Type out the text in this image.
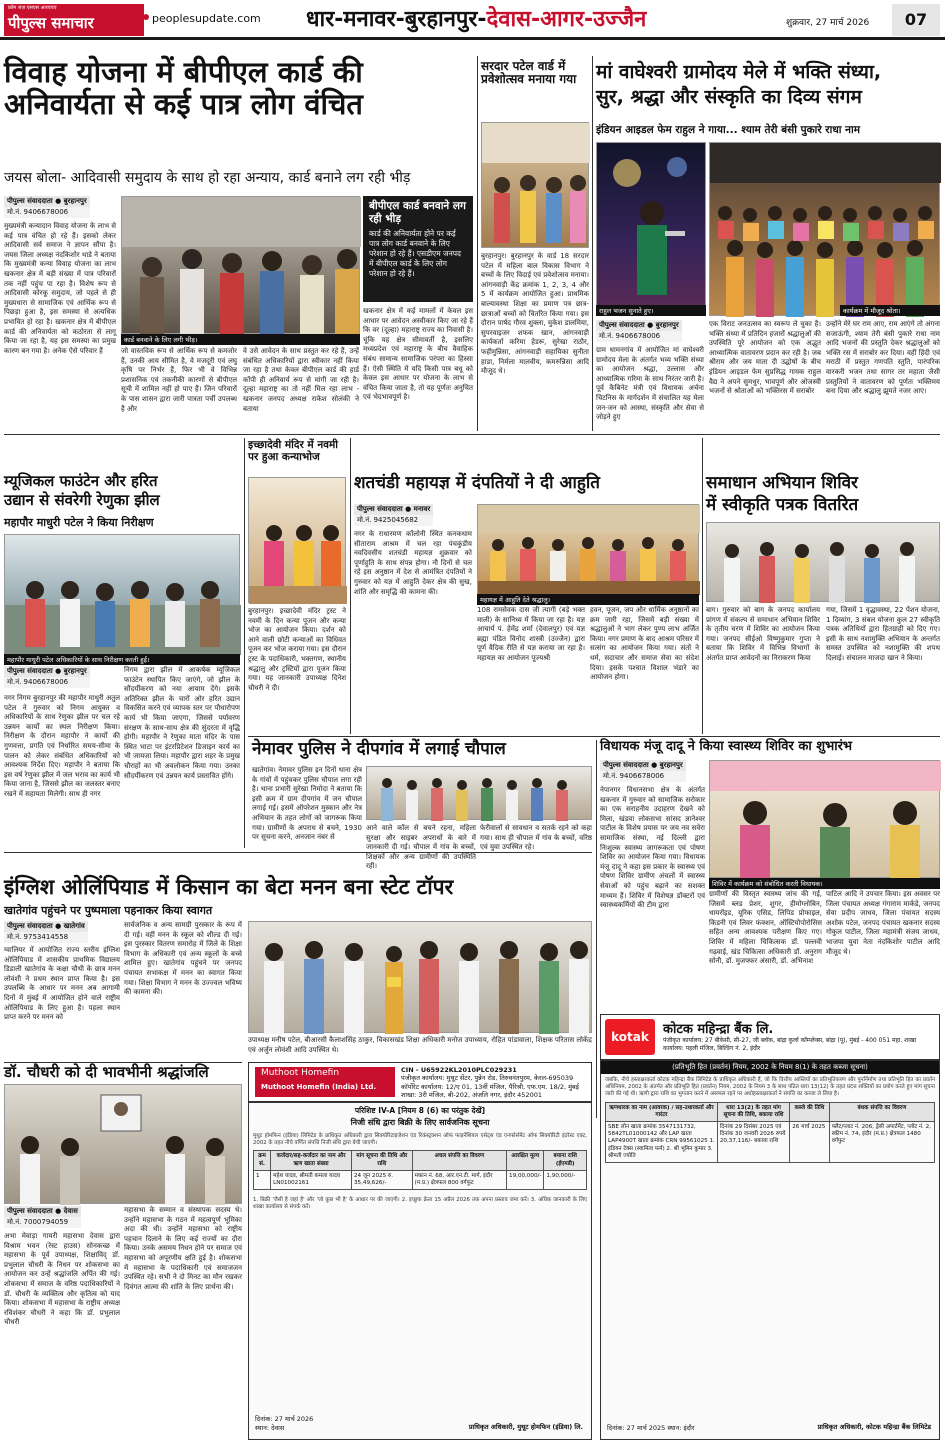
फ्रॉम जज़ एसएस आरएचए
पीपुल्स समाचार	peoplesupdate.com धार-मनावर-बुरहानपुर-देवास-आगर-उज्जैन	शुक्रवार, 27 मार्च 2026	07
विवाह योजना में बीपीएल कार्ड की
अनिवार्यता से कई पात्र लोग वंचित
जयस बोला- आदिवासी समुदाय के साथ हो रहा अन्याय, कार्ड बनाने लग रही भीड़
पीपुल्स संवाददाता ● बुरहानपुर
मो.नं. 9406678006
मुख्यमंत्री कन्यादान विवाह योजना के लाभ से कई पात्र वंचित हो रहे हैं। इसको लेकर आदिवासी सर्व समाज ने ज्ञापन सौंपा है। जयस जिला अध्यक्ष नंदकिशोर थाडे ने बताया कि मुख्यमंत्री कन्या विवाह योजना का लाभ खकनार क्षेत्र में बड़ी संख्या में पात्र परिवारों तक नहीं पहुंच पा रहा है। विशेष रूप से आदिवासी कोरकू समुदाय, जो पहले से ही मुख्यधारा से सामाजिक एवं आर्थिक रूप से पिछड़ा हुआ है, इस समस्या से अत्यधिक प्रभावित हो रहा है। खकनार क्षेत्र में बीपीएल कार्ड की अनिवार्यता को कठोरता से लागू किया जा रहा है, यह इस समस्या का प्रमुख कारण बन गया है। अनेक ऐसे परिवार हैं
कार्ड बनवाने के लिए लगी भीड़।
बीपीएल कार्ड बनवाने लग रही भीड़
कार्ड की अनिवार्यता होने पर कई पात्र लोग कार्ड बनवाने के लिए परेशान हो रहे हैं। एसडीएम जनपद में बीपीएल कार्ड के लिए लोग परेशान हो रहे हैं।
जो वास्तविक रूप से आर्थिक रूप से कमजोर हैं, उनकी आय सीमित है, वे मजदूरी एवं लघु कृषि पर निर्भर हैं, फिर भी वे विभिन्न प्रशासनिक एवं तकनीकी कारणों से बीपीएल सूची में शामिल नहीं हो पाए हैं। जिन परिवारों के पास शासन द्वारा जारी पात्रता पर्ची उपलब्ध है और
वे उसे आवेदन के साथ प्रस्तुत कर रहे हैं, उन्हें संबंधित अधिकारियों द्वारा स्वीकार नहीं किया जा रहा है तथा केवल बीपीएल कार्ड की हार्ड कॉपी ही अनिवार्य रूप से मांगी जा रही है। दूल्हा महाराष्ट्र का तो नहीं मिल रहा लाभ - खकनार जनपद अध्यक्ष राकेश सोलंकी ने बताया
खकनार क्षेत्र में कई मामलों में केवल इस आधार पर आवेदन अस्वीकार किए जा रहे हैं कि वर (दूल्हा) महाराष्ट्र राज्य का निवासी है। चूंकि यह क्षेत्र सीमावर्ती है, इसलिए मध्यप्रदेश एवं महाराष्ट्र के बीच वैवाहिक संबंध सामान्य सामाजिक परंपरा का हिस्सा हैं। ऐसी स्थिति में यदि किसी पात्र बधू को केवल इस आधार पर योजना के लाभ से वंचित किया जाता है, तो यह पूर्णतः अनुचित एवं भेदभावपूर्ण है।
सरदार पटेल वार्ड में प्रवेशोत्सव मनाया गया
बुरहानपुर। बुरहानपुर के वार्ड 18 सरदार पटेल में महिला बाल विकास विभाग ने बच्चों के लिए विदाई एवं प्रवेशोत्सव मनाया। आंगनवाड़ी केंद्र क्रमांक 1, 2, 3, 4 और 5 में कार्यक्रम आयोजित हुआ। प्राथमिक बाल्यावस्था शिक्षा का प्रमाण पत्र छात्र-छात्राओं बच्चों को वितरित किया गया। इस दौरान पार्षद गौरव शुक्ला, मुकेश डालमिया, सुपरवाइजर शफक खान, आंगनवाड़ी कार्यकर्ता करिमा हेडरू, सुरेखा राठौर, फहीमुन्निसा, आंगनवाड़ी सहायिका सुनीता हाडा, निर्मला मालवीय, कमरुन्निसा आदि मौजूद थे।
मां वाघेश्वरी ग्रामोदय मेले में भक्ति संध्या,
सुर, श्रद्धा और संस्कृति का दिव्य संगम
इंडियन आइडल फेम राहुल ने गाया... श्याम तेरी बंसी पुकारे राधा नाम
राहुल भजन सुनाते हुए।	कार्यक्रम में मौजूद श्रोता।
पीपुल्स संवाददाता ● बुरहानपुर
मो.नं. 9406678006
ग्राम धामनगांव में आयोजित मां वाघेश्वरी ग्रामोदय मेला के अंतर्गत भव्य भक्ति संध्या का आयोजन श्रद्धा, उल्लास और आध्यात्मिक गरिमा के साथ निरंतर जारी है। पूर्व कैबिनेट मंत्री एवं विधायक अर्चना चिटनिस के मार्गदर्शन में संचालित यह मेला जन-जन को आस्था, संस्कृति और सेवा से जोड़ने हुए
एक विराट जनउत्सव का स्वरूप ले चुका है। भक्ति संध्या में प्रतिदिन हजारों श्रद्धालुओं की उपस्थिति पूरे आयोजन को एक अद्भुत आध्यात्मिक वातावरण प्रदान कर रही है। जब श्रीराम और जय माता दी उद्घोषों के बीच इंडियन आइडल फेम सुप्रसिद्ध गायक राहुल वैद्य ने अपने सुमधुर, भावपूर्ण और ओजस्वी भजनों से श्रोताओं को भक्तिरस में सराबोर
उन्होंने मेरे घर राम आए, राम आएंगे तो अंगना सजाऊंगी, श्याम तेरी बंसी पुकारे राधा नाम आदि भजनों की प्रस्तुति देकर श्रद्धालुओं को भक्ति रस में सराबोर कर दिया। वहीं हिंदी एवं मराठी में प्रस्तुत गणपति स्तुति, पारंपरिक वारकरी भजन तथा सागर तर महाता जैसी प्रस्तुतियों ने वातावरण को पूर्णतः भक्तिमय बना दिया और श्रद्धालु झूमते नजर आए।
म्यूजिकल फाउंटेन और हरित
उद्यान से संवरेगी रेणुका झील
महापौर माधुरी पटेल ने किया निरीक्षण
महापौर माधुरी पटेल अधिकारियों के साथ निरीक्षण करती हुईं।
पीपुल्स संवाददाता ● बुरहानपुर
मो.नं. 9406678006
नगर निगम बुरहानपुर की महापौर माधुरी अतुल पटेल ने गुरुवार को निगम आयुक्त व अधिकारियों के साथ रेणुका झील पर चल रहे उन्नयन कार्यों का स्थल निरीक्षण किया। निरीक्षण के दौरान महापौर ने कार्यों की गुणवत्ता, प्रगति एवं निर्धारित समय-सीमा के पालन को लेकर संबंधित अधिकारियों को आवश्यक निर्देश दिए। महापौर ने बताया कि इस वर्ष रेणुका झील में जल भराव का कार्य भी किया जाना है, जिससे झील का जलस्तर बनाए रखने में सहायता मिलेगी। साथ ही नगर
निगम द्वारा झील में आकर्षक म्यूजिकल फाउंटेन स्थापित किए जाएंगे, जो झील के सौंदर्यीकरण को नया आयाम देंगे। इसके अतिरिक्त झील के चारों ओर हरित उद्यान विकसित करने एवं व्यापक स्तर पर पौधारोपण कार्य भी किया जाएगा, जिससे पर्यावरण संरक्षण के साथ-साथ क्षेत्र की सुंदरता में वृद्धि होगी। महापौर ने रेणुका माता मंदिर के पास स्थित भाटा पर इंटरप्रिटेशन डिजाइन कार्य का भी जायजा लिया। महापौर द्वारा शहर के प्रमुख चौराहों का भी अवलोकन किया गया। उनका सौंदर्यीकरण एवं उन्नयन कार्य प्रस्तावित होंगे।
इच्छादेवी मंदिर में नवमी पर हुआ कन्याभोज
बुरहानपुर। इच्छादेवी मंदिर ट्रस्ट ने नवमी के दिन कन्या पूजन और कन्या भोज का आयोजन किया। दर्शन को आने वाली छोटी कन्याओं का विधिवत पूजन कर भोज कराया गया। इस दौरान ट्रस्ट के पदाधिकारी, भक्तगण, स्थानीय श्रद्धालु और ट्रस्टियों द्वारा पूजन किया गया। यह जानकारी उपाध्यक्ष दिनेश चौधरी ने दी।
शतचंडी महायज्ञ में दंपतियों ने दी आहुति
पीपुल्स संवाददाता ● मनावर
मो.नं. 9425045682
नगर के राधारमण कॉलोनी स्थित कनकधाम सीताराम आश्रम में चल रहा पंचकुंडीय नवदिवसीय शतचंडी महायज्ञ शुक्रवार को पूर्णाहुति के साथ संपन्न होगा। नौ दिनों से चल रहे इस अनुष्ठान में देश से आमंत्रित दंपतियों ने गुरुवार को यज्ञ में आहुति देकर क्षेत्र की सुख, शांति और समृद्धि की कामना की।
महायज्ञ में आहुति देते श्रद्धालु।
108 रामसेवक दास जी त्यागी (बड़े भक्त माली) के सानिध्य में किया जा रहा है। यज्ञ आचार्य पं. हेमेंद्र शर्मा (देवालपुर) एवं यज्ञ ब्रह्मा पंडित विनोद शास्त्री (उज्जैन) द्वारा पूर्ण वैदिक रीति से यज्ञ कराया जा रहा है। महायज्ञ का आयोजन पूज्यश्री
हवन, पूजन, जप और धार्मिक अनुष्ठानों का क्रम जारी रहा, जिसमें बड़ी संख्या में श्रद्धालुओं ने भाग लेकर पुण्य लाभ अर्जित किया। नगर प्रमाण के बाद आश्रम परिसर में सत्संग का आयोजन किया गया। संतों ने धर्म, सदाचार और समाज सेवा का संदेश दिया। इसके पश्चात विशाल भंडारे का आयोजन होगा।
समाधान अभियान शिविर
में स्वीकृति पत्रक वितरित
बाग। गुरुवार को बाग के जनपद कार्यालय प्रांगण में संकल्प से समाधान अभियान शिविर के तृतीय चरण में शिविर का आयोजन किया गया। जनपद सीईओ विष्णुकुमार गुप्ता ने बताया कि शिविर में विभिन्न विभागों के अंतर्गत प्राप्त आवेदनों का निराकरण किया
गया, जिसमें 1 वृद्धावस्था, 22 पेंशन योजना, 1 दिव्यांग, 3 संबल योजना कुल 27 स्वीकृति पत्रक अतिथियों द्वारा हितग्राही को दिए गए। इसी के साथ नशामुक्ति अभियान के अन्तर्गत समस्त उपस्थित को नशामुक्ति की शपथ दिलाई। संचालन माजदा खान ने किया।
नेमावर पुलिस ने दीपगांव में लगाई चौपाल
खातेगांव। नेमावर पुलिस इन दिनों थाना क्षेत्र के गांवों में पहुंचकर पुलिस चौपाल लगा रही है। थाना प्रभारी सुरेखा निमोदा ने बताया कि इसी क्रम में ग्राम दीपगांव में जन चौपाल लगाई गई। इसमें ऑपरेशन मुस्कान और नेत्र अभियान के तहत लोगों को जागरूक किया गया। ग्रामीणों के अपराध से बचने, 1930 पर सूचना करने, अनजान नंबर से
आने वाले कॉल से बचने रहना, महिला सुरक्षा और साइबर अपराधों के बारे में जानकारी दी गई। चौपाल में गांव के बच्चों, शिक्षकों और अन्य ग्रामीणों की उपस्थिति रही।
फेरीवालों से सावधान व सतर्क रहने को कहा गया। साथ ही चौपाल में गांव के बच्चों, वरिष्ठ एवं युवा उपस्थित रहे।
विधायक मंजू दादू ने किया स्वास्थ्य शिविर का शुभारंभ
पीपुल्स संवाददाता ● बुरहानपुर
मो.नं. 9406678006
शिविर में कार्यक्रम को संबोधित करती विधायक।
नेपानगर विधानसभा क्षेत्र के अंतर्गत खकनार में गुरुवार को सामाजिक सरोकार का एक सराहनीय उदाहरण देखने को मिला, खंडवा लोकसभा सांसद ज्ञानेश्वर पाटील के विशेष प्रयास पर जय नव सवेरा सामाजिक संस्था, नई दिल्ली द्वारा निःशुल्क स्वास्थ्य जागरूकता एवं पोषण शिविर का आयोजन किया गया। विधायक मंजू दादू ने कहा इस प्रकार के स्वास्थ्य एवं पोषण शिविर ग्रामीण अंचलों में स्वास्थ्य सेवाओं को पहुंच बढ़ाने का सशक्त माध्यम हैं। शिविर में विशेषज्ञ डॉक्टरों एवं स्वास्थ्यकर्मियों की टीम द्वारा
ग्रामीणों की विस्तृत स्वास्थ्य जांच की गई, जिसमें ब्लड प्रेशर, शुगर, हीमोग्लोबिन, थायरॉइड, यूरिक एसिड, लिपिड प्रोफाइल, किडनी एवं लिवर फंक्शन, ऑस्टियोपोरोसिस सहित अन्य आवश्यक परीक्षण किए गए। शिविर में महिला चिकित्सक डॉ. पल्लवी गढ़वाई, खंड चिकित्सा अधिकारी डॉ. अनुराग सोनी, डॉ. मुजफ्फर अंसारी, डॉ. अभिनाश
पाटिल आदि ने उपचार किया। इस अवसर पर जिला पंचायत अध्यक्ष गंगाराम मार्कडे, जनपद सेवा प्रदीप जाधव, जिला पंचायत सदस्य अशोक पटेल, जनपद पंचायत खकनार सदस्य गोकुल पाटील, जिला महामंत्री संजय जाधव, भाजपा युवा नेता नंदकिशोर पाटील आदि मौजूद थे।
इंग्लिश ओलिंपियाड में किसान का बेटा मनन बना स्टेट टॉपर
खातेगांव पहुंचने पर पुष्पमाला पहनाकर किया स्वागत
पीपुल्स संवाददाता ● खातेगांव
मो.नं. 9753414558
ग्वालियर में आयोजित राज्य स्तरीय इंग्लिश ओलिंपियाड में शासकीय प्राथमिक विद्यालय डिडाली खातेगांव के कक्षा चौथी के छात्र मनन लोवंशी ने प्रथम स्थान प्राप्त किया है। इस उपलब्धि के आधार पर मनन अब आगामी दिनों में मुंबई में आयोजित होने वाले राष्ट्रीय ओलिंपियाड के लिए हुआ है। पहला स्थान प्राप्त करने पर मनन को
सार्वजनिक व अन्य सामग्री पुरस्कार के रूप में दी गई। वहीं मनन के स्कूल को शील्ड दी गई। इस पुरस्कार वितरण समारोह में जिले के शिक्षा विभाग के अधिकारी एवं अन्य स्कूलों के बच्चे शामिल हुए। खातेगांव पहुंचने पर जनपद पंचायत सभाकक्ष में मनन का स्वागत किया गया। शिक्षा विभाग ने मनन के उज्ज्वल भविष्य की कामना की।
उपाध्यक्ष मनीष पटेल, बीआरसी कैलाशसिंह ठाकुर, विकासखंड शिक्षा अधिकारी मनोज उपाध्याय, रोहित पांडावाला, शिक्षक परितास लोकेंद्र एवं अर्जुन लोवंशी आदि उपस्थित थे।
डॉ. चौधरी को दी भावभीनी श्रद्धांजलि
पीपुल्स संवाददाता ● देवास
मो.नं. 7000794059
अभा मेवाड़ा गायरी महासभा देवास द्वारा विश्राम भवन (रेस्ट हाउस) सोनकच्छ में महासभा के पूर्व उपाध्यक्ष, शिक्षाविद् डॉ. प्रभुलाल चौधरी के निधन पर शोकसभा का आयोजन कर उन्हें श्रद्धांजलि अर्पित की गई। शोकसभा में समाज के वरिष्ठ पदाधिकारियों ने डॉ. चौधरी के व्यक्तित्व और कृतित्व को याद किया। शोकसभा में महासभा के राष्ट्रीय अध्यक्ष रविशंकर चौधरी ने कहा कि डॉ. प्रभुलाल चौधरी
महासभा के सम्मान व संस्थापक सदस्य थे। उन्होंने महासभा के गठन में महत्वपूर्ण भूमिका अदा की थी। उन्होंने महासभा को राष्ट्रीय पहचान दिलाने के लिए कई राज्यों का दौरा किया। उनके असमय निधन होने पर समाज एवं महासभा को अपूरणीय क्षति हुई है। शोकसभा में महासभा के पदाधिकारी एवं समाजजन उपस्थित रहे। सभी ने दो मिनट का मौन रखकर दिवंगत आत्मा की शांति के लिए प्रार्थना की।
Muthoot Homefin
Muthoot Homefin (India) Ltd.
CIN - U65922KL2010PLC029231
पंजीकृत कार्यालय: मुथूट सेंटर, पुन्नेन रोड, तिरुवनंतपुरम, केरल-695039
कॉर्पोरेट कार्यालय: 12/ए 01, 13वीं मंजिल, पैरिश्री, एफ.एम. 18/2, मुंबई
शाखा: 3री मंजिल, बी-202, अंजलि नगर, इंदौर 452001
परिशिष्ट IV-A [नियम 8 (6) का परंतुक देखें]
निजी संधि द्वारा बिक्री के लिए सार्वजनिक सूचना
मुथूट होमफिन (इंडिया) लिमिटेड के प्राधिकृत अधिकारी द्वारा सिक्योरिटाइजेशन एंड रिकंस्ट्रक्शन ऑफ फाइनेंशियल एसेट्स एंड एनफोर्समेंट ऑफ सिक्योरिटी इंटरेस्ट एक्ट, 2002 के तहत नीचे वर्णित संपत्ति निजी संधि द्वारा बेची जाएगी।
क्रम सं.	कर्जदार/सह-कर्जदार का नाम और ऋण खाता संख्या	मांग सूचना की तिथि और राशि	अचल संपत्ति का विवरण	आरक्षित मूल्य	बयाना राशि (ईएमडी)
1	महेश यादव, श्रीमती कमला यादव LN01002161	24 जून 2025 रु. 35,49,626/-	मकान नं. 68, आर.एन.टी. मार्ग, इंदौर (म.प्र.) क्षेत्रफल 800 वर्गफुट	19,00,000/-	1,90,000/-
1. बिक्री 'जैसी है जहां है' और 'जो कुछ भी है' के आधार पर की जाएगी। 2. इच्छुक क्रेता 15 अप्रैल 2026 तक अपना प्रस्ताव जमा करें। 3. अधिक जानकारी के लिए शाखा कार्यालय से संपर्क करें।
दिनांक: 27 मार्च 2026
स्थान: देवास	प्राधिकृत अधिकारी, मुथूट होमफिन (इंडिया) लि.
kotak	कोटक महिन्द्रा बैंक लि.
पंजीकृत कार्यालय: 27 बीकेसी, सी-27, जी ब्लॉक, बांद्रा कुर्ला कॉम्प्लेक्स, बांद्रा (पू), मुंबई - 400 051 महा. शाखा कार्यालय: पहली मंजिल, बिल्डिंग नं. 2, इंदौर
(प्रतिभूति हित (प्रवर्तन) नियम, 2002 के नियम 8(1) के तहत कब्जा सूचना)
जबकि, नीचे हस्ताक्षरकर्ता कोटक महिन्द्रा बैंक लिमिटेड के प्राधिकृत अधिकारी हैं, जो कि वित्तीय आस्तियों का प्रतिभूतिकरण और पुनर्निर्माण तथा प्रतिभूति हित का प्रवर्तन अधिनियम, 2002 के अंतर्गत और प्रतिभूति हित (प्रवर्तन) नियम, 2002 के नियम 3 के साथ पठित धारा 13(12) के तहत प्रदत्त शक्तियों का प्रयोग करते हुए मांग सूचना जारी की गई थी। ऋणी द्वारा राशि का भुगतान करने में असफल रहने पर अधोहस्ताक्षरकर्ता ने संपत्ति का कब्जा ले लिया है।
ऋणधारक का नाम (आवरक) / सह-उधारकर्ता और गारंटर	धारा 13(2) के तहत मांग सूचना की तिथि, बकाया राशि	कब्जे की तिथि	बंधक संपत्ति का विवरण
SBE लोन खाता क्रमांक 3547131732, 5842TL01000142 और LAP खाता LAP4900T खाता क्रमांक CRN 99561025 1. इंडियन टेक्स (स्वामित्व फर्म) 2. श्री भूमिन कुमार 3. श्रीमती ज्योति	दिनांक 29 दिसंबर 2025 एवं दिनांक 30 जनवरी 2026 रुपये 20,37,116/- बकाया राशि	26 मार्च 2025	फ्लैट/प्लाट नं. 206, ड्रेसी अपार्टमेंट, प्लॉट नं. 2, स्कीम नं. 74, इंदौर (म.प्र.) क्षेत्रफल 1480 वर्गफुट
दिनांक: 27 मार्च 2025 स्थान: इंदौर	प्राधिकृत अधिकारी, कोटक महिन्द्रा बैंक लिमिटेड
